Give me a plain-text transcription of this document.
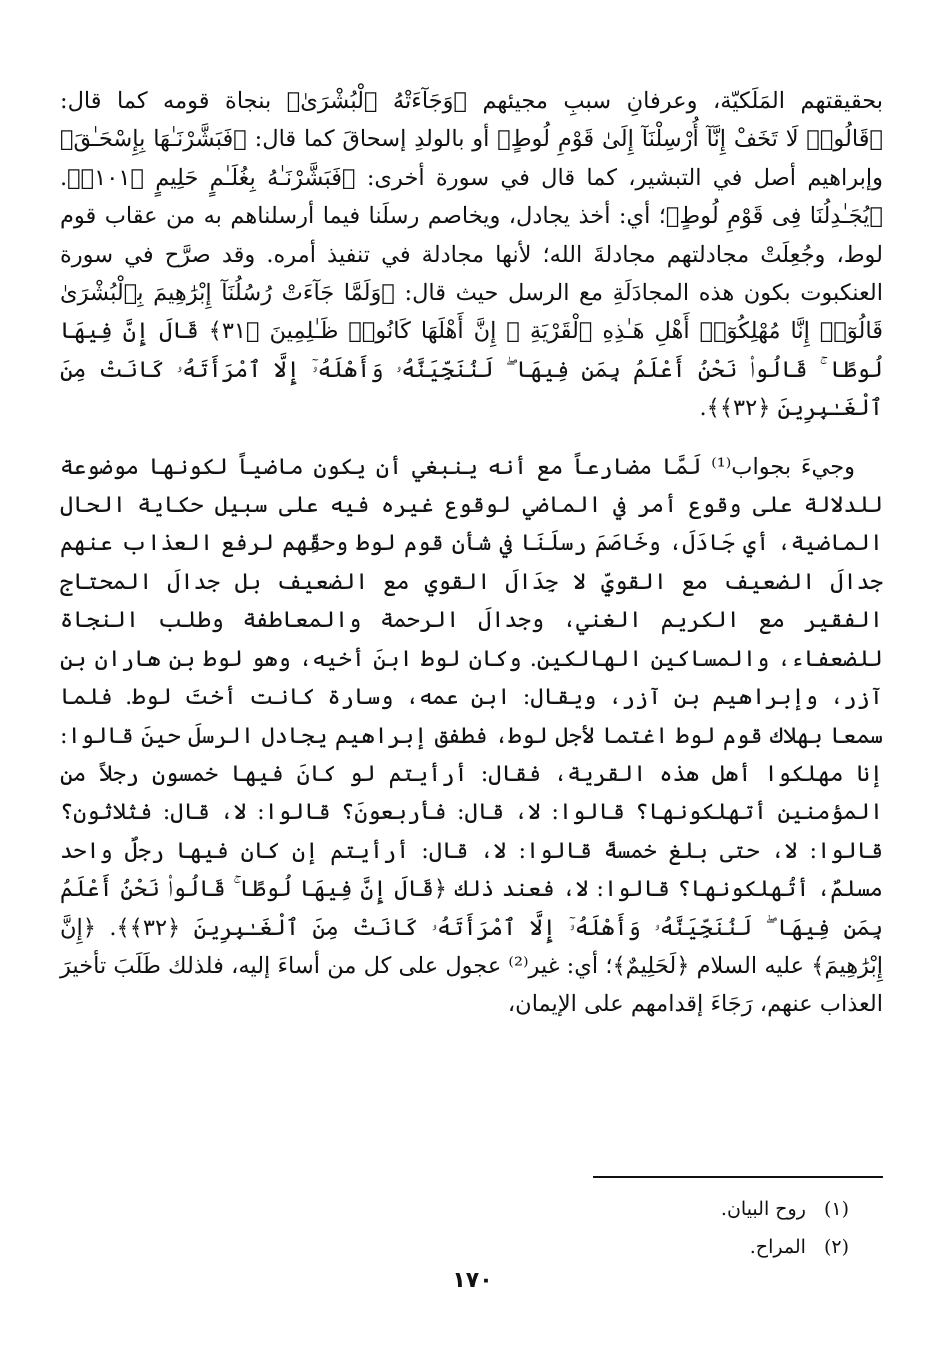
بحقيقتهم المَلَكيّة، وعرفانِ سببِ مجيئهم ﴿وَجَآءَتْهُ ٱلْبُشْرَىٰ﴾ بنجاة قومه كما قال: ﴿قَالُوا۟ لَا تَخَفْ إِنَّآ أُرْسِلْنَآ إِلَىٰ قَوْمِ لُوطٍ﴾ أو بالولدِ إسحاقَ كما قال: ﴿فَبَشَّرْنَـٰهَا بِإِسْحَـٰقَ﴾ وإبراهيم أصل في التبشير، كما قال في سورة أخرى: ﴿فَبَشَّرْنَـٰهُ بِغُلَـٰمٍ حَلِيمٍ ﴿١٠١﴾﴾. ﴿يُجَـٰدِلُنَا فِى قَوْمِ لُوطٍ﴾؛ أي: أخذ يجادل، ويخاصم رسلَنا فيما أرسلناهم به من عقاب قوم لوط، وجُعِلَتْ مجادلتهم مجادلةَ الله؛ لأنها مجادلة في تنفيذ أمره. وقد صرَّح في سورة العنكبوت بكون هذه المجادَلَةِ مع الرسل حيث قال: ﴿وَلَمَّا جَآءَتْ رُسُلُنَآ إِبْرَٰهِيمَ بِٱلْبُشْرَىٰ قَالُوٓا۟ إِنَّا مُهْلِكُوٓا۟ أَهْلِ هَـٰذِهِ ٱلْقَرْيَةِ ۖ إِنَّ أَهْلَهَا كَانُوا۟ ظَـٰلِمِينَ ﴿٣١﴾ قَالَ إِنَّ فِيهَا لُوطًا ۚ قَالُوا۟ نَحْنُ أَعْلَمُ بِمَن فِيهَا ۖ لَنُنَجِّيَنَّهُۥ وَأَهْلَهُۥٓ إِلَّا ٱمْرَأَتَهُۥ كَانَتْ مِنَ ٱلْغَـٰبِرِينَ ﴿٣٢﴾﴾.

وجيءَ بجواب⁽¹⁾ لَمَّا مضارعاً مع أنه ينبغي أن يكون ماضياً لكونها موضوعة للدلالة على وقوع أمر في الماضي لوقوع غيره فيه على سبيل حكاية الحال الماضية، أي جَادَلَ، وخَاصَمَ رسلَنَا في شأن قوم لوط وحقِّهم لرفع العذاب عنهم جدالَ الضعيف مع القويِّ لا جِدَالَ القوي مع الضعيف بل جدالَ المحتاج الفقير مع الكريم الغني، وجدالَ الرحمة والمعاطفة وطلب النجاة للضعفاء، والمساكين الهالكين. وكان لوط ابنَ أخيه، وهو لوط بن هاران بن آزر، وإبراهيم بن آزر، ويقال: ابن عمه، وسارة كانت أختَ لوط. فلما سمعا بهلاك قوم لوط اغتما لأجل لوط، فطفق إبراهيم يجادل الرسلَ حينَ قالوا: إنا مهلكوا أهل هذه القرية، فقال: أرأيتم لو كانَ فيها خمسون رجلاً من المؤمنين أتهلكونها؟ قالوا: لا، قال: فأربعونَ؟ قالوا: لا، قال: فثلاثون؟ قالوا: لا، حتى بلغ خمسةً قالوا: لا، قال: أرأيتم إن كان فيها رجلٌ واحد مسلمٌ، أتُهلكونها؟ قالوا: لا، فعند ذلك ﴿قَالَ إِنَّ فِيهَا لُوطًا ۚ قَالُوا۟ نَحْنُ أَعْلَمُ بِمَن فِيهَا ۖ لَنُنَجِّيَنَّهُۥ وَأَهْلَهُۥٓ إِلَّا ٱمْرَأَتَهُۥ كَانَتْ مِنَ ٱلْغَـٰبِرِينَ ﴿٣٢﴾﴾. ﴿إِنَّ إِبْرَٰهِيمَ﴾ عليه السلام ﴿لَحَلِيمٌ﴾؛ أي: غير⁽²⁾ عجول على كل من أساءَ إليه، فلذلك طَلَبَ تأخيرَ العذاب عنهم، رَجَاءَ إقدامهم على الإيمان،

(١) روح البيان.
(٢) المراح.
١٧٠
